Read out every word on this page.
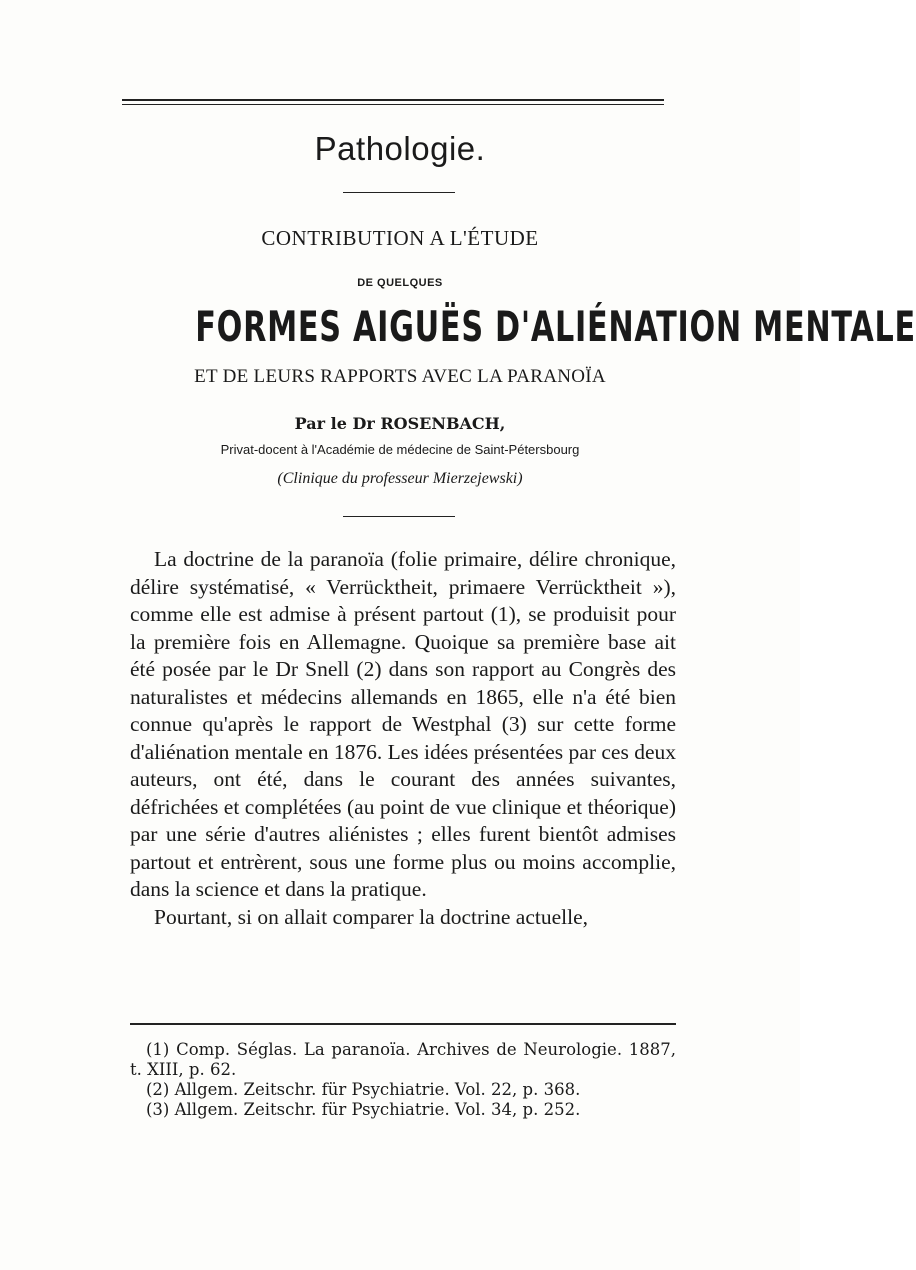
Pathologie.
CONTRIBUTION A L'ÉTUDE
DE QUELQUES
FORMES AIGUËS D'ALIÉNATION MENTALE
ET DE LEURS RAPPORTS AVEC LA PARANOÏA
Par le Dr ROSENBACH,
Privat-docent à l'Académie de médecine de Saint-Pétersbourg
(Clinique du professeur Mierzejewski)

La doctrine de la paranoïa (folie primaire, délire chronique, délire systématisé, « Verrücktheit, primaere Verrücktheit »), comme elle est admise à présent partout (1), se produisit pour la première fois en Allemagne. Quoique sa première base ait été posée par le Dr Snell (2) dans son rapport au Congrès des naturalistes et médecins allemands en 1865, elle n'a été bien connue qu'après le rapport de Westphal (3) sur cette forme d'aliénation mentale en 1876. Les idées présentées par ces deux auteurs, ont été, dans le courant des années suivantes, défrichées et complétées (au point de vue clinique et théorique) par une série d'autres aliénistes ; elles furent bientôt admises partout et entrèrent, sous une forme plus ou moins accomplie, dans la science et dans la pratique.

Pourtant, si on allait comparer la doctrine actuelle,

(1) Comp. Séglas. La paranoïa. Archives de Neurologie. 1887, t. XIII, p. 62.

(2) Allgem. Zeitschr. für Psychiatrie. Vol. 22, p. 368.

(3) Allgem. Zeitschr. für Psychiatrie. Vol. 34, p. 252.
